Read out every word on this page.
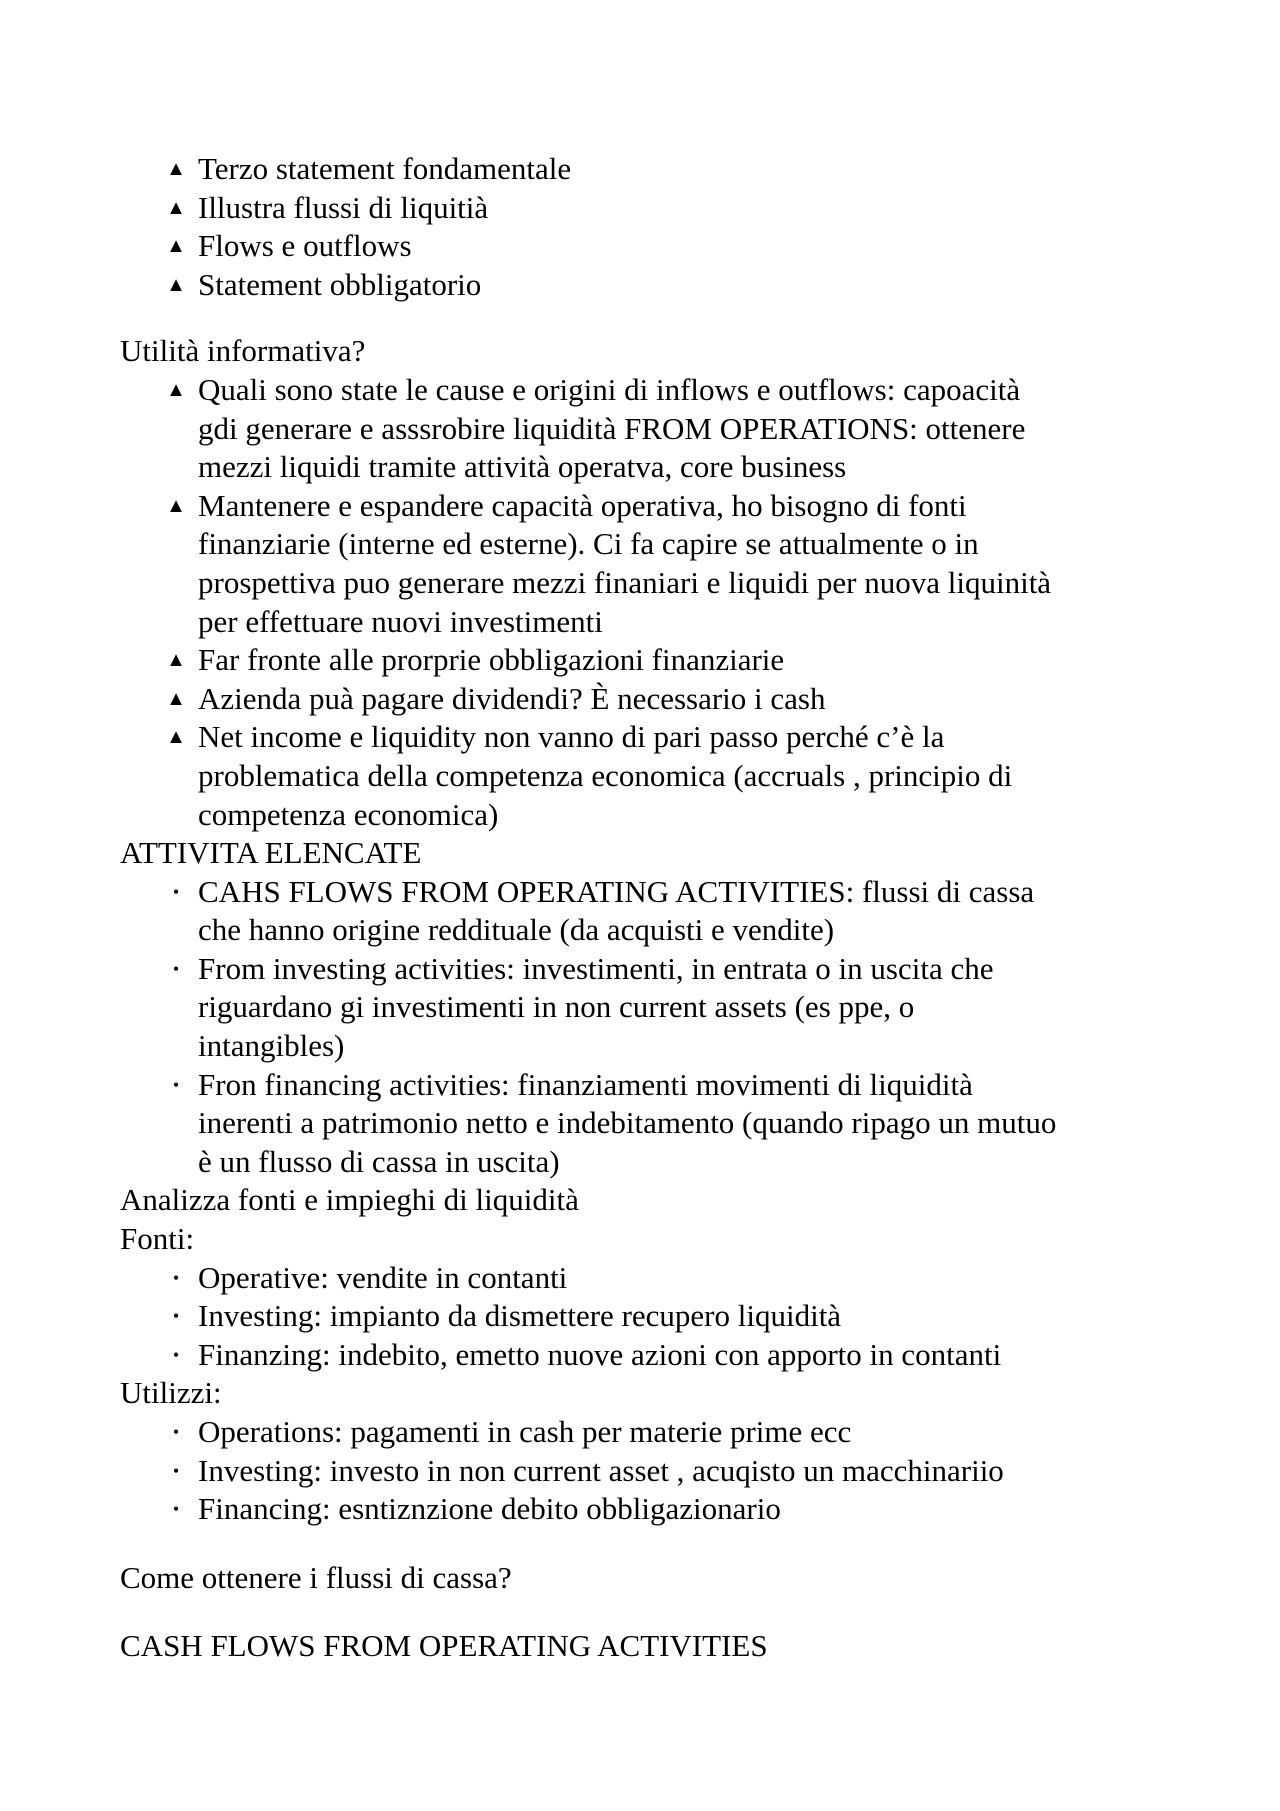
▲ Terzo statement fondamentale
▲ Illustra flussi di liquitià
▲ Flows e outflows
▲ Statement obbligatorio

Utilità informativa?

▲ Quali sono state le cause e origini di inflows e outflows: capoacità
gdi generare e asssrobire liquidità FROM OPERATIONS: ottenere
mezzi liquidi tramite attività operatva, core business
▲ Mantenere e espandere capacità operativa, ho bisogno di fonti
finanziarie (interne ed esterne). Ci fa capire se attualmente o in
prospettiva puo generare mezzi finaniari e liquidi per nuova liquinità
per effettuare nuovi investimenti
▲ Far fronte alle prorprie obbligazioni finanziarie
▲ Azienda puà pagare dividendi? È necessario i cash
▲ Net income e liquidity non vanno di pari passo perché c’è la
problematica della competenza economica (accruals , principio di
competenza economica)

ATTIVITA ELENCATE

• CAHS FLOWS FROM OPERATING ACTIVITIES: flussi di cassa
che hanno origine reddituale (da acquisti e vendite)
• From investing activities: investimenti, in entrata o in uscita che
riguardano gi investimenti in non current assets (es ppe, o
intangibles)
• Fron financing activities: finanziamenti movimenti di liquidità
inerenti a patrimonio netto e indebitamento (quando ripago un mutuo
è un flusso di cassa in uscita)

Analizza fonti e impieghi di liquidità

Fonti:

• Operative: vendite in contanti
• Investing: impianto da dismettere recupero liquidità
• Finanzing: indebito, emetto nuove azioni con apporto in contanti

Utilizzi:

• Operations: pagamenti in cash per materie prime ecc
• Investing: investo in non current asset , acuqisto un macchinariio
• Financing: esntiznzione debito obbligazionario

Come ottenere i flussi di cassa?

CASH FLOWS FROM OPERATING ACTIVITIES
